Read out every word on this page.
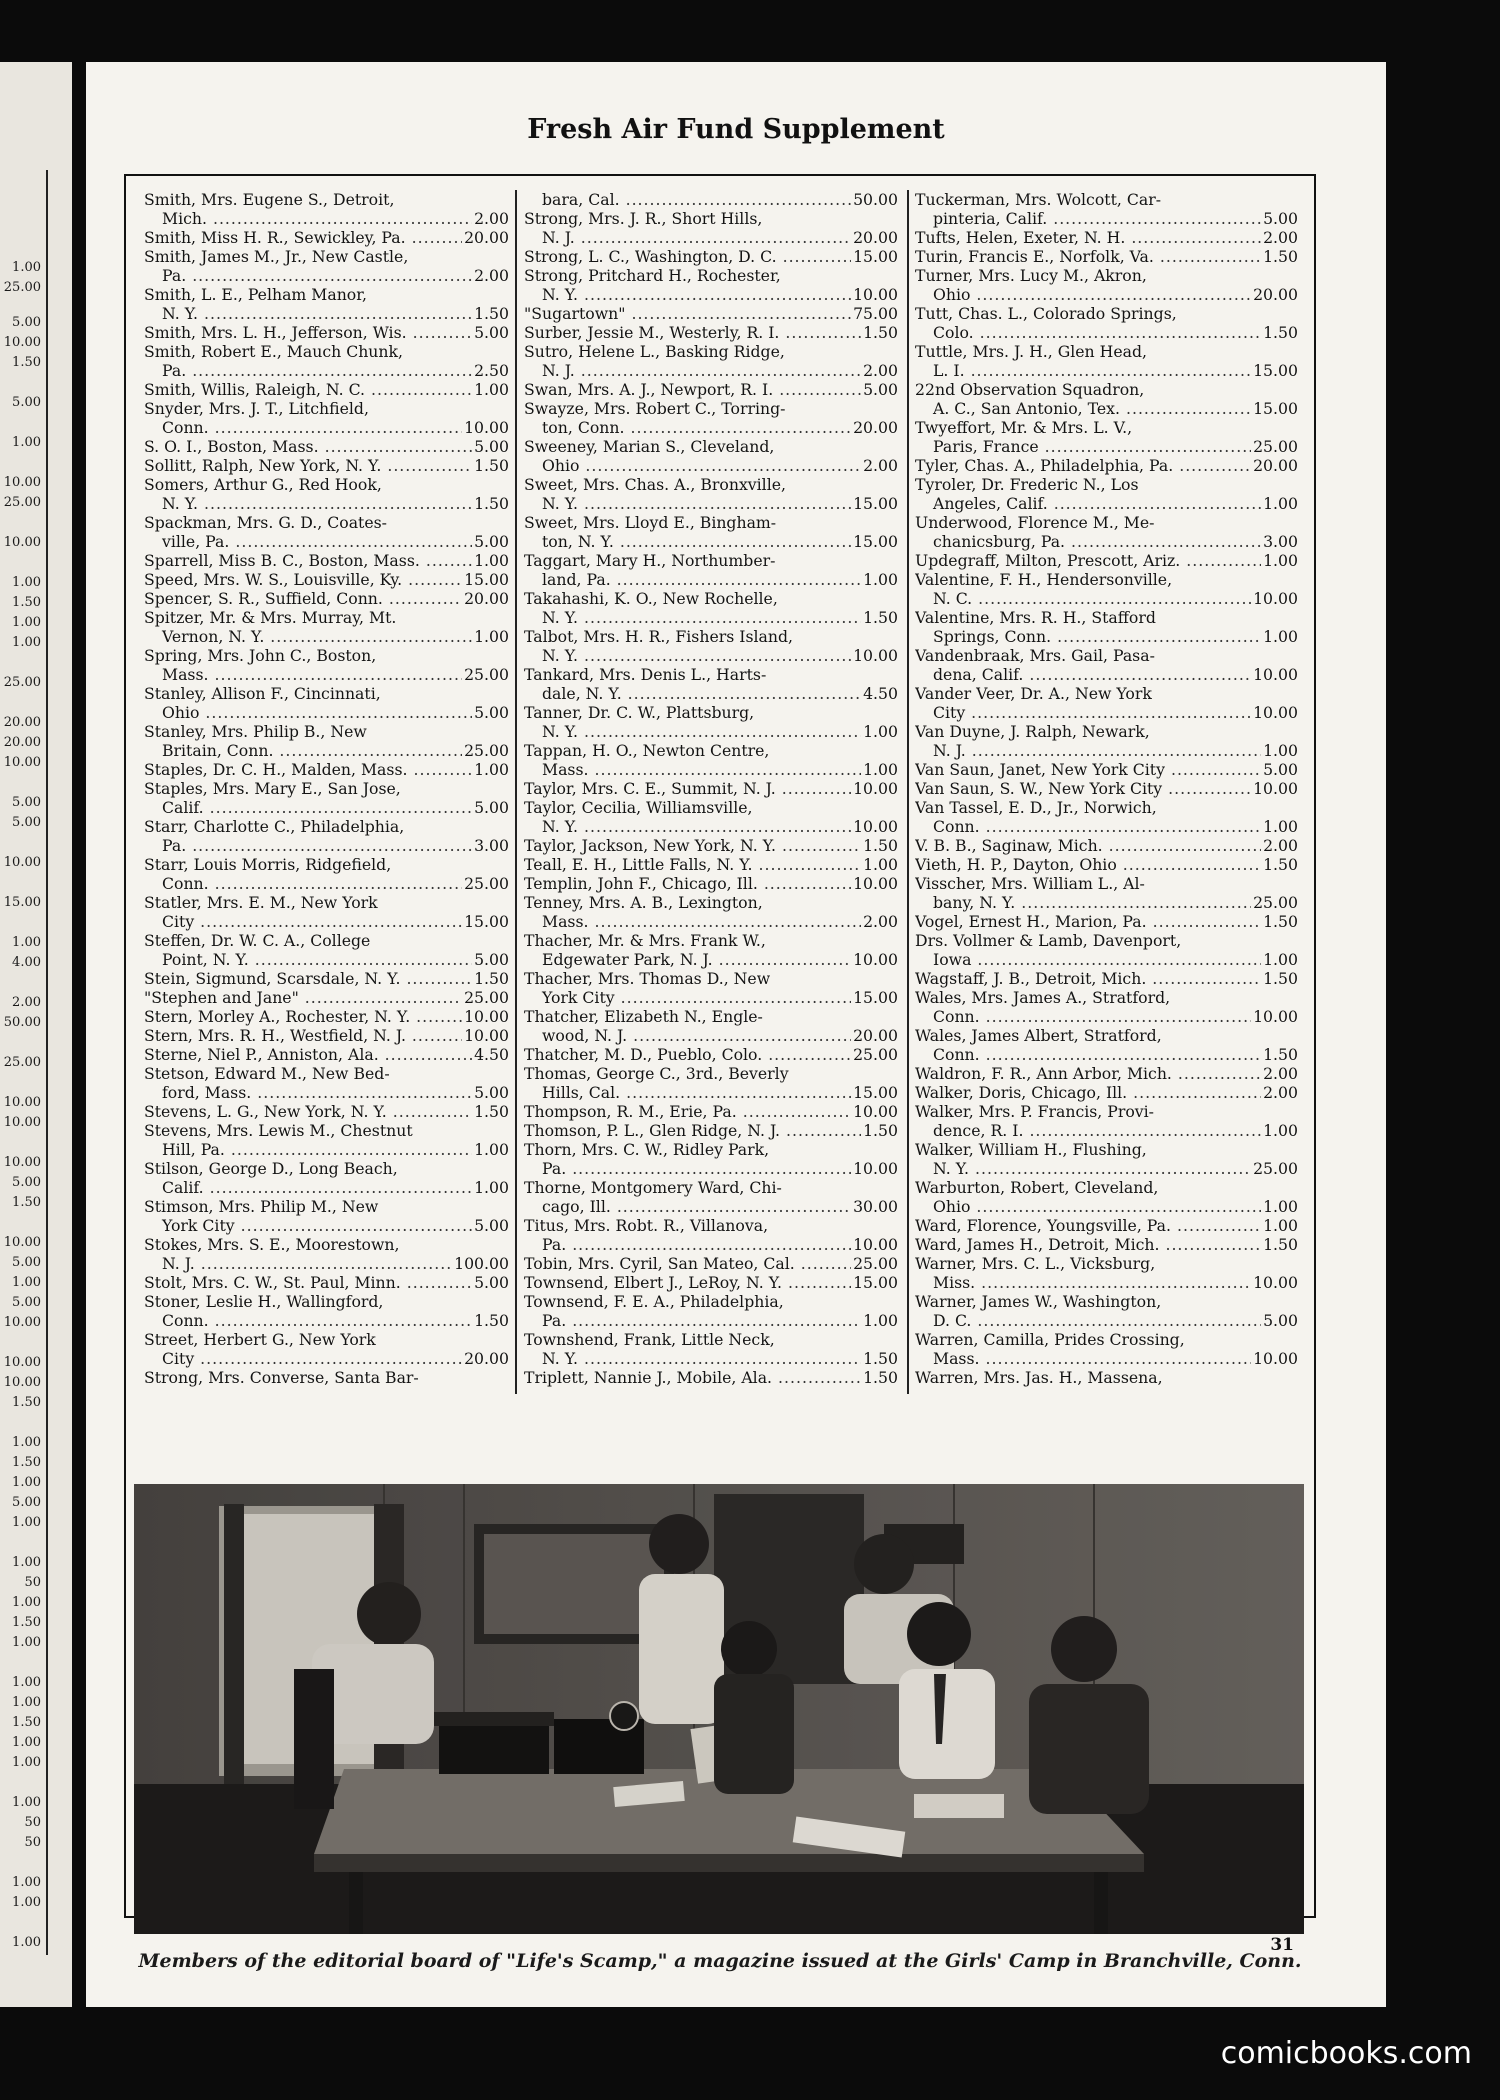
1.00
25.00
5.00
10.00
1.50
5.00
1.00
10.00
25.00
10.00
1.00
1.50
1.00
1.00
25.00
20.00
20.00
10.00
5.00
5.00
10.00
15.00
1.00
4.00
2.00
50.00
25.00
10.00
10.00
10.00
5.00
1.50
10.00
5.00
1.00
5.00
10.00
10.00
10.00
1.50
1.00
1.50
1.00
5.00
1.00
1.00
50
1.00
1.50
1.00
1.00
1.00
1.50
1.00
1.00
1.00
50
50
1.00
1.00
1.00
Fresh Air Fund Supplement
Smith, Mrs. Eugene S., Detroit,
Mich. .....	2.00
Smith, Miss H. R., Sewickley, Pa. .....	20.00
Smith, James M., Jr., New Castle,
Pa. .....	2.00
Smith, L. E., Pelham Manor,
N. Y. .....	1.50
Smith, Mrs. L. H., Jefferson, Wis. .....	5.00
Smith, Robert E., Mauch Chunk,
Pa. .....	2.50
Smith, Willis, Raleigh, N. C. .....	1.00
Snyder, Mrs. J. T., Litchfield,
Conn. .....	10.00
S. O. I., Boston, Mass. .....	5.00
Sollitt, Ralph, New York, N. Y. .....	1.50
Somers, Arthur G., Red Hook,
N. Y. .....	1.50
Spackman, Mrs. G. D., Coates-
ville, Pa. .....	5.00
Sparrell, Miss B. C., Boston, Mass. .....	1.00
Speed, Mrs. W. S., Louisville, Ky. .....	15.00
Spencer, S. R., Suffield, Conn. .....	20.00
Spitzer, Mr. & Mrs. Murray, Mt.
Vernon, N. Y. .....	1.00
Spring, Mrs. John C., Boston,
Mass. .....	25.00
Stanley, Allison F., Cincinnati,
Ohio .....	5.00
Stanley, Mrs. Philip B., New
Britain, Conn. .....	25.00
Staples, Dr. C. H., Malden, Mass. .....	1.00
Staples, Mrs. Mary E., San Jose,
Calif. .....	5.00
Starr, Charlotte C., Philadelphia,
Pa. .....	3.00
Starr, Louis Morris, Ridgefield,
Conn. .....	25.00
Statler, Mrs. E. M., New York
City .....	15.00
Steffen, Dr. W. C. A., College
Point, N. Y. .....	5.00
Stein, Sigmund, Scarsdale, N. Y. .....	1.50
"Stephen and Jane" .....	25.00
Stern, Morley A., Rochester, N. Y. .....	10.00
Stern, Mrs. R. H., Westfield, N. J. .....	10.00
Sterne, Niel P., Anniston, Ala. .....	4.50
Stetson, Edward M., New Bed-
ford, Mass. .....	5.00
Stevens, L. G., New York, N. Y. .....	1.50
Stevens, Mrs. Lewis M., Chestnut
Hill, Pa. .....	1.00
Stilson, George D., Long Beach,
Calif. .....	1.00
Stimson, Mrs. Philip M., New
York City .....	5.00
Stokes, Mrs. S. E., Moorestown,
N. J. .....	100.00
Stolt, Mrs. C. W., St. Paul, Minn. .....	5.00
Stoner, Leslie H., Wallingford,
Conn. .....	1.50
Street, Herbert G., New York
City .....	20.00
Strong, Mrs. Converse, Santa Bar-
bara, Cal. .....	50.00
Strong, Mrs. J. R., Short Hills,
N. J. .....	20.00
Strong, L. C., Washington, D. C. .....	15.00
Strong, Pritchard H., Rochester,
N. Y. .....	10.00
"Sugartown" .....	75.00
Surber, Jessie M., Westerly, R. I. .....	1.50
Sutro, Helene L., Basking Ridge,
N. J. .....	2.00
Swan, Mrs. A. J., Newport, R. I. .....	5.00
Swayze, Mrs. Robert C., Torring-
ton, Conn. .....	20.00
Sweeney, Marian S., Cleveland,
Ohio .....	2.00
Sweet, Mrs. Chas. A., Bronxville,
N. Y. .....	15.00
Sweet, Mrs. Lloyd E., Bingham-
ton, N. Y. .....	15.00
Taggart, Mary H., Northumber-
land, Pa. .....	1.00
Takahashi, K. O., New Rochelle,
N. Y. .....	1.50
Talbot, Mrs. H. R., Fishers Island,
N. Y. .....	10.00
Tankard, Mrs. Denis L., Harts-
dale, N. Y. .....	4.50
Tanner, Dr. C. W., Plattsburg,
N. Y. .....	1.00
Tappan, H. O., Newton Centre,
Mass. .....	1.00
Taylor, Mrs. C. E., Summit, N. J. .....	10.00
Taylor, Cecilia, Williamsville,
N. Y. .....	10.00
Taylor, Jackson, New York, N. Y. .....	1.50
Teall, E. H., Little Falls, N. Y. .....	1.00
Templin, John F., Chicago, Ill. .....	10.00
Tenney, Mrs. A. B., Lexington,
Mass. .....	2.00
Thacher, Mr. & Mrs. Frank W.,
Edgewater Park, N. J. .....	10.00
Thacher, Mrs. Thomas D., New
York City .....	15.00
Thatcher, Elizabeth N., Engle-
wood, N. J. .....	20.00
Thatcher, M. D., Pueblo, Colo. .....	25.00
Thomas, George C., 3rd., Beverly
Hills, Cal. .....	15.00
Thompson, R. M., Erie, Pa. .....	10.00
Thomson, P. L., Glen Ridge, N. J. .....	1.50
Thorn, Mrs. C. W., Ridley Park,
Pa. .....	10.00
Thorne, Montgomery Ward, Chi-
cago, Ill. .....	30.00
Titus, Mrs. Robt. R., Villanova,
Pa. .....	10.00
Tobin, Mrs. Cyril, San Mateo, Cal. .....	25.00
Townsend, Elbert J., LeRoy, N. Y. .....	15.00
Townsend, F. E. A., Philadelphia,
Pa. .....	1.00
Townshend, Frank, Little Neck,
N. Y. .....	1.50
Triplett, Nannie J., Mobile, Ala. .....	1.50
Tuckerman, Mrs. Wolcott, Car-
pinteria, Calif. .....	5.00
Tufts, Helen, Exeter, N. H. .....	2.00
Turin, Francis E., Norfolk, Va. .....	1.50
Turner, Mrs. Lucy M., Akron,
Ohio .....	20.00
Tutt, Chas. L., Colorado Springs,
Colo. .....	1.50
Tuttle, Mrs. J. H., Glen Head,
L. I. .....	15.00
22nd Observation Squadron,
A. C., San Antonio, Tex. .....	15.00
Twyeffort, Mr. & Mrs. L. V.,
Paris, France .....	25.00
Tyler, Chas. A., Philadelphia, Pa. .....	20.00
Tyroler, Dr. Frederic N., Los
Angeles, Calif. .....	1.00
Underwood, Florence M., Me-
chanicsburg, Pa. .....	3.00
Updegraff, Milton, Prescott, Ariz. .....	1.00
Valentine, F. H., Hendersonville,
N. C. .....	10.00
Valentine, Mrs. R. H., Stafford
Springs, Conn. .....	1.00
Vandenbraak, Mrs. Gail, Pasa-
dena, Calif. .....	10.00
Vander Veer, Dr. A., New York
City .....	10.00
Van Duyne, J. Ralph, Newark,
N. J. .....	1.00
Van Saun, Janet, New York City .....	5.00
Van Saun, S. W., New York City .....	10.00
Van Tassel, E. D., Jr., Norwich,
Conn. .....	1.00
V. B. B., Saginaw, Mich. .....	2.00
Vieth, H. P., Dayton, Ohio .....	1.50
Visscher, Mrs. William L., Al-
bany, N. Y. .....	25.00
Vogel, Ernest H., Marion, Pa. .....	1.50
Drs. Vollmer & Lamb, Davenport,
Iowa .....	1.00
Wagstaff, J. B., Detroit, Mich. .....	1.50
Wales, Mrs. James A., Stratford,
Conn. .....	10.00
Wales, James Albert, Stratford,
Conn. .....	1.50
Waldron, F. R., Ann Arbor, Mich. .....	2.00
Walker, Doris, Chicago, Ill. .....	2.00
Walker, Mrs. P. Francis, Provi-
dence, R. I. .....	1.00
Walker, William H., Flushing,
N. Y. .....	25.00
Warburton, Robert, Cleveland,
Ohio .....	1.00
Ward, Florence, Youngsville, Pa. .....	1.00
Ward, James H., Detroit, Mich. .....	1.50
Warner, Mrs. C. L., Vicksburg,
Miss. .....	10.00
Warner, James W., Washington,
D. C. .....	5.00
Warren, Camilla, Prides Crossing,
Mass. .....	10.00
Warren, Mrs. Jas. H., Massena,
Members of the editorial board of "Life's Scamp," a magazine issued at the Girls' Camp in Branchville, Conn.
31
comicbooks.com
